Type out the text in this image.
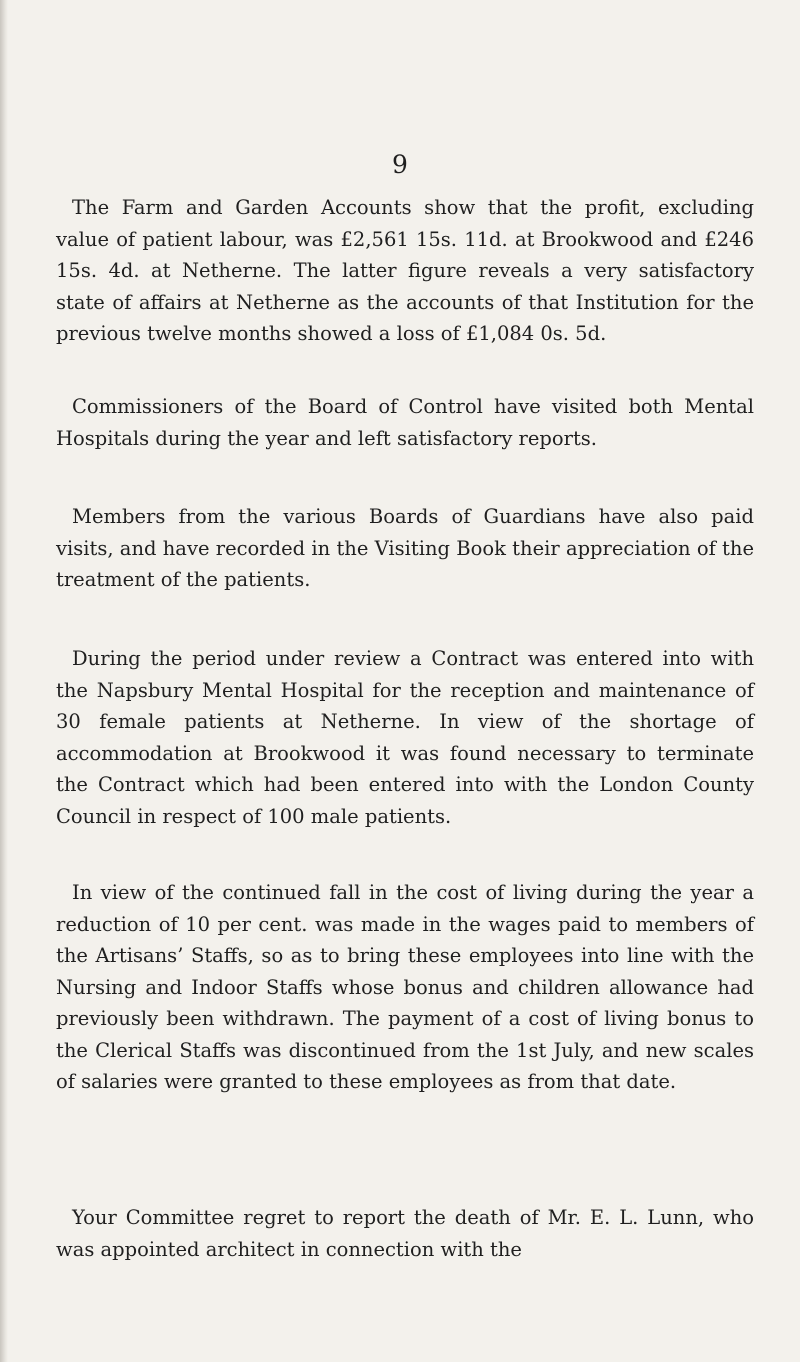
9

The Farm and Garden Accounts show that the profit, excluding value of patient labour, was £2,561 15s. 11d. at Brookwood and £246 15s. 4d. at Netherne. The latter figure reveals a very satisfactory state of affairs at Netherne as the accounts of that Institution for the previous twelve months showed a loss of £1,084 0s. 5d.

Commissioners of the Board of Control have visited both Mental Hospitals during the year and left satisfactory reports.

Members from the various Boards of Guardians have also paid visits, and have recorded in the Visiting Book their appreciation of the treatment of the patients.

During the period under review a Contract was entered into with the Napsbury Mental Hospital for the reception and maintenance of 30 female patients at Netherne. In view of the shortage of accommodation at Brookwood it was found necessary to terminate the Contract which had been entered into with the London County Council in respect of 100 male patients.

In view of the continued fall in the cost of living during the year a reduction of 10 per cent. was made in the wages paid to members of the Artisans’ Staffs, so as to bring these employees into line with the Nursing and Indoor Staffs whose bonus and children allowance had previously been withdrawn. The payment of a cost of living bonus to the Clerical Staffs was discontinued from the 1st July, and new scales of salaries were granted to these employees as from that date.

Your Committee regret to report the death of Mr. E. L. Lunn, who was appointed architect in connection with the
